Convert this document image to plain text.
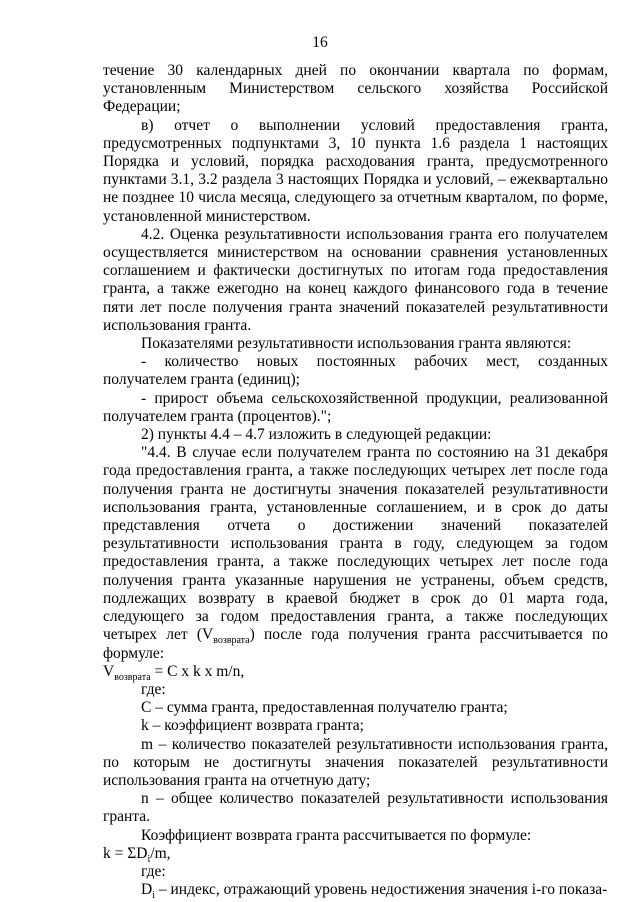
16

течение 30 календарных дней по окончании квартала по формам, установленным Министерством сельского хозяйства Российской Федерации;

в) отчет о выполнении условий предоставления гранта, предусмотренных подпунктами 3, 10 пункта 1.6 раздела 1 настоящих Порядка и условий, порядка расходования гранта, предусмотренного пунктами 3.1, 3.2 раздела 3 настоящих Порядка и условий, – ежеквартально не позднее 10 числа месяца, следующего за отчетным кварталом, по форме, установленной министерством.

4.2. Оценка результативности использования гранта его получателем осуществляется министерством на основании сравнения установленных соглашением и фактически достигнутых по итогам года предоставления гранта, а также ежегодно на конец каждого финансового года в течение пяти лет после получения гранта значений показателей результативности использования гранта.

Показателями результативности использования гранта являются:

- количество новых постоянных рабочих мест, созданных получателем гранта (единиц);

- прирост объема сельскохозяйственной продукции, реализованной получателем гранта (процентов).";

2) пункты 4.4 – 4.7 изложить в следующей редакции:

"4.4. В случае если получателем гранта по состоянию на 31 декабря года предоставления гранта, а также последующих четырех лет после года получения гранта не достигнуты значения показателей результативности использования гранта, установленные соглашением, и в срок до даты представления отчета о достижении значений показателей результативности использования гранта в году, следующем за годом предоставления гранта, а также последующих четырех лет после года получения гранта указанные нарушения не устранены, объем средств, подлежащих возврату в краевой бюджет в срок до 01 марта года, следующего за годом предоставления гранта, а также последующих четырех лет $(V_{возврата})$ после года получения гранта рассчитывается по формуле:

$V_{возврата} = С$ х k х m/n,

где:

С – сумма гранта, предоставленная получателю гранта;

k – коэффициент возврата гранта;

m – количество показателей результативности использования гранта, по которым не достигнуты значения показателей результативности использования гранта на отчетную дату;

n – общее количество показателей результативности использования гранта.

Коэффициент возврата гранта рассчитывается по формуле:

$k = \Sigma D_i/m$,

где:

$D_i$ – индекс, отражающий уровень недостижения значения i-го показа-
